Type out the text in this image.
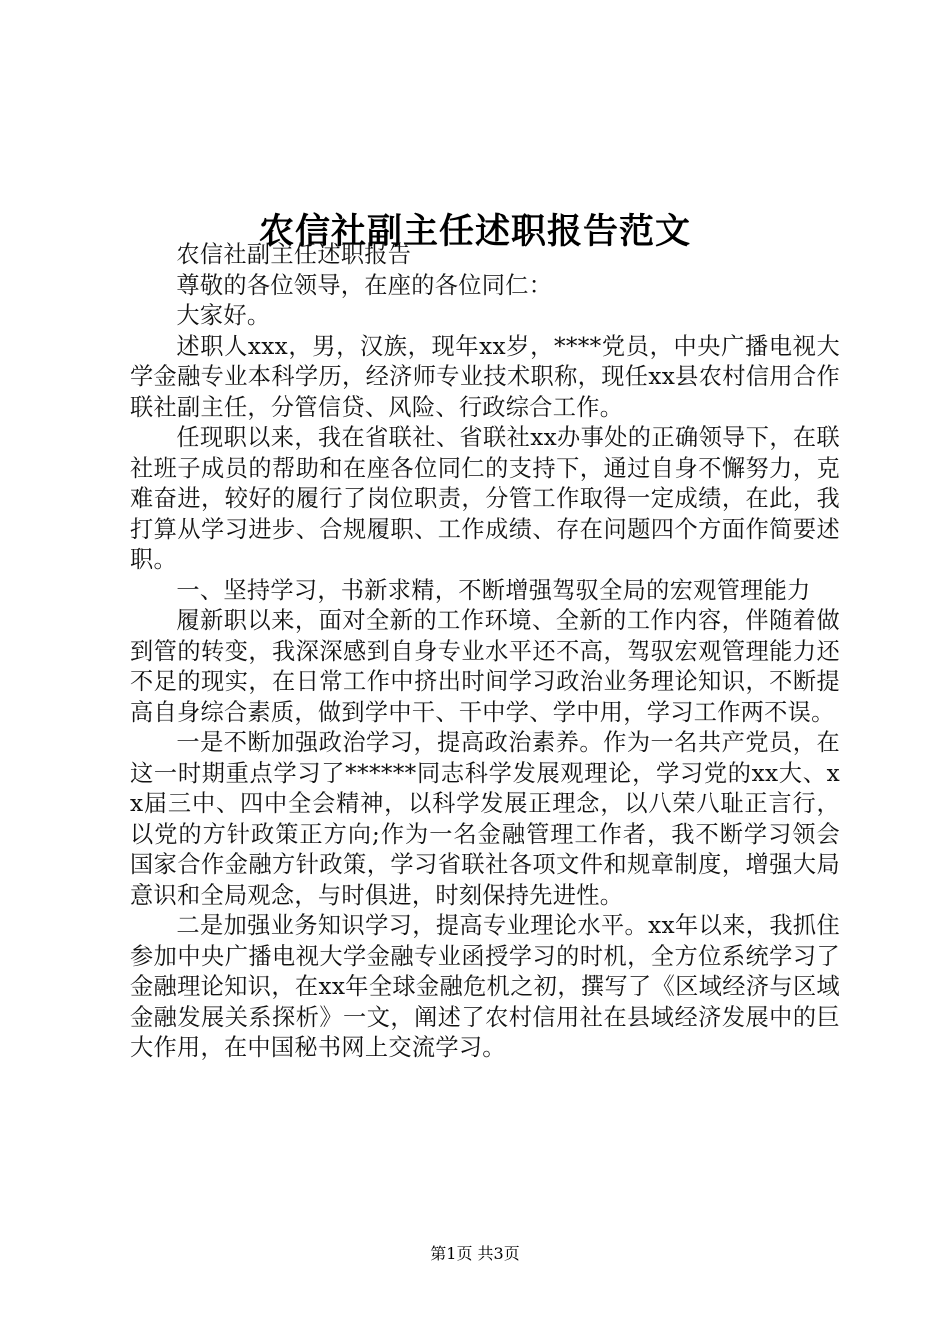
农信社副主任述职报告范文

农信社副主任述职报告

尊敬的各位领导，在座的各位同仁：

大家好。

述职人xxx，男，汉族，现年xx岁，****党员，中央广播电视大学金融专业本科学历，经济师专业技术职称，现任xx县农村信用合作联社副主任，分管信贷、风险、行政综合工作。

任现职以来，我在省联社、省联社xx办事处的正确领导下，在联社班子成员的帮助和在座各位同仁的支持下，通过自身不懈努力，克难奋进，较好的履行了岗位职责，分管工作取得一定成绩，在此，我打算从学习进步、合规履职、工作成绩、存在问题四个方面作简要述职。

一、坚持学习，书新求精，不断增强驾驭全局的宏观管理能力

履新职以来，面对全新的工作环境、全新的工作内容，伴随着做到管的转变，我深深感到自身专业水平还不高，驾驭宏观管理能力还不足的现实，在日常工作中挤出时间学习政治业务理论知识，不断提高自身综合素质，做到学中干、干中学、学中用，学习工作两不误。

一是不断加强政治学习，提高政治素养。作为一名共产党员，在这一时期重点学习了******同志科学发展观理论，学习党的xx大、xx届三中、四中全会精神，以科学发展正理念，以八荣八耻正言行，以党的方针政策正方向;作为一名金融管理工作者，我不断学习领会国家合作金融方针政策，学习省联社各项文件和规章制度，增强大局意识和全局观念，与时俱进，时刻保持先进性。

二是加强业务知识学习，提高专业理论水平。xx年以来，我抓住参加中央广播电视大学金融专业函授学习的时机，全方位系统学习了金融理论知识，在xx年全球金融危机之初，撰写了《区域经济与区域金融发展关系探析》一文，阐述了农村信用社在县域经济发展中的巨大作用，在中国秘书网上交流学习。

第1页 共3页
